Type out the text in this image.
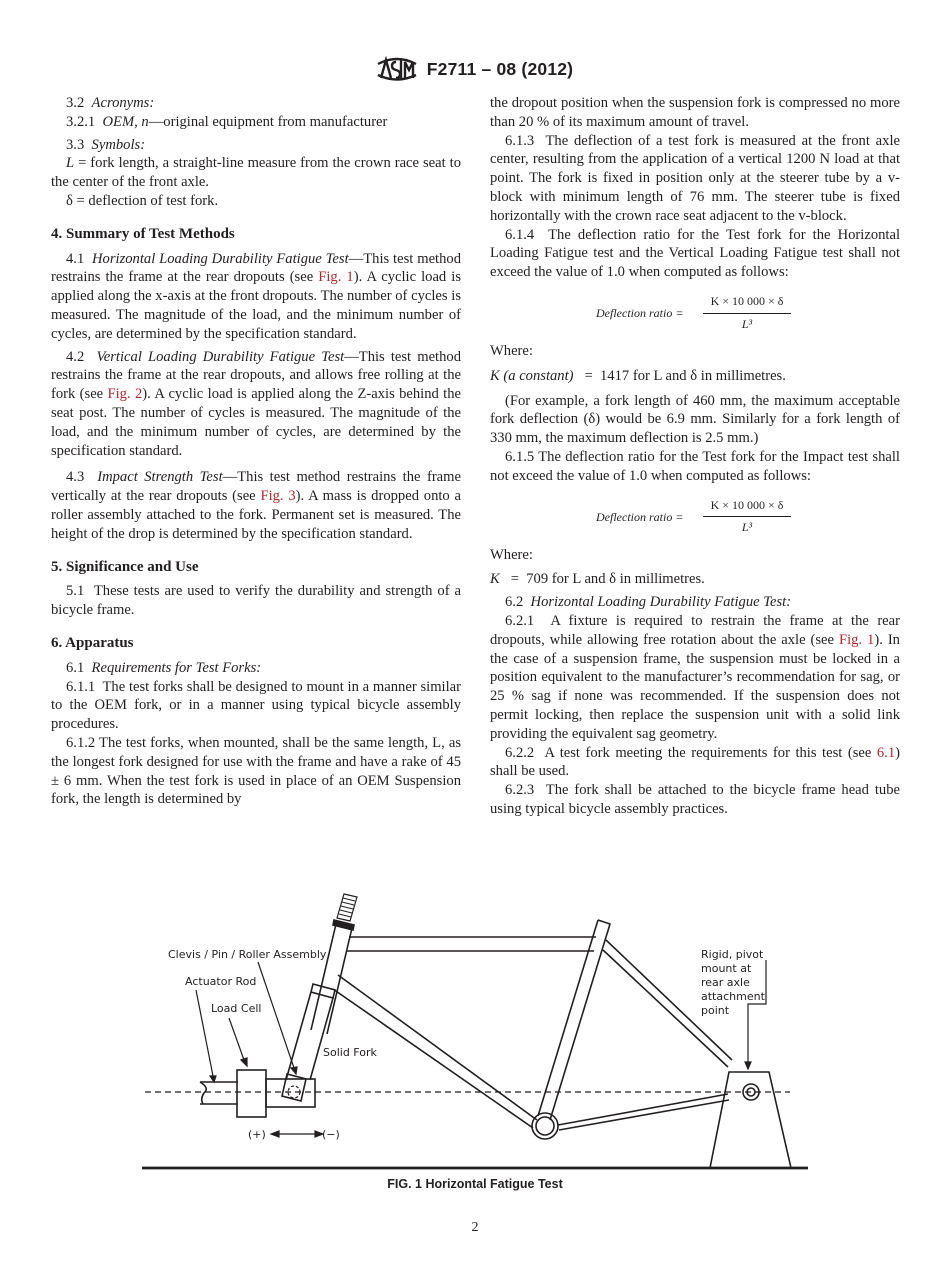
F2711 – 08 (2012)

3.2 Acronyms:

3.2.1 OEM, n—original equipment from manufacturer

3.3 Symbols:

L = fork length, a straight-line measure from the crown race seat to the center of the front axle.

δ = deflection of test fork.

4. Summary of Test Methods

4.1 Horizontal Loading Durability Fatigue Test—This test method restrains the frame at the rear dropouts (see Fig. 1). A cyclic load is applied along the x-axis at the front dropouts. The number of cycles is measured. The magnitude of the load, and the minimum number of cycles, are determined by the specification standard.

4.2 Vertical Loading Durability Fatigue Test—This test method restrains the frame at the rear dropouts, and allows free rolling at the fork (see Fig. 2). A cyclic load is applied along the Z-axis behind the seat post. The number of cycles is measured. The magnitude of the load, and the minimum number of cycles, are determined by the specification standard.

4.3 Impact Strength Test—This test method restrains the frame vertically at the rear dropouts (see Fig. 3). A mass is dropped onto a roller assembly attached to the fork. Permanent set is measured. The height of the drop is determined by the specification standard.

5. Significance and Use

5.1 These tests are used to verify the durability and strength of a bicycle frame.

6. Apparatus

6.1 Requirements for Test Forks:

6.1.1 The test forks shall be designed to mount in a manner similar to the OEM fork, or in a manner using typical bicycle assembly procedures.

6.1.2 The test forks, when mounted, shall be the same length, L, as the longest fork designed for use with the frame and have a rake of 45 ± 6 mm. When the test fork is used in place of an OEM Suspension fork, the length is determined by

the dropout position when the suspension fork is compressed no more than 20 % of its maximum amount of travel.

6.1.3 The deflection of a test fork is measured at the front axle center, resulting from the application of a vertical 1200 N load at that point. The fork is fixed in position only at the steerer tube by a v-block with minimum length of 76 mm. The steerer tube is fixed horizontally with the crown race seat adjacent to the v-block.

6.1.4 The deflection ratio for the Test fork for the Horizontal Loading Fatigue test and the Vertical Loading Fatigue test shall not exceed the value of 1.0 when computed as follows:

Deflection ratio = $\frac{K \times 10 000 \times \delta}{\text{L³}}$

Where:

K (a constant) = 1417 for L and δ in millimetres.

(For example, a fork length of 460 mm, the maximum acceptable fork deflection (δ) would be 6.9 mm. Similarly for a fork length of 330 mm, the maximum deflection is 2.5 mm.)

6.1.5 The deflection ratio for the Test fork for the Impact test shall not exceed the value of 1.0 when computed as follows:

Deflection ratio = $\frac{K \times 10 000 \times \delta}{\text{L³}}$

Where:

K = 709 for L and δ in millimetres.

6.2 Horizontal Loading Durability Fatigue Test:

6.2.1 A fixture is required to restrain the frame at the rear dropouts, while allowing free rotation about the axle (see Fig. 1). In the case of a suspension frame, the suspension must be locked in a position equivalent to the manufacturer’s recommendation for sag, or 25 % sag if none was recommended. If the suspension does not permit locking, then replace the suspension unit with a solid link providing the equivalent sag geometry.

6.2.2 A test fork meeting the requirements for this test (see 6.1) shall be used.

6.2.3 The fork shall be attached to the bicycle frame head tube using typical bicycle assembly practices.

Clevis / Pin / Roller Assembly
Actuator Rod
Load Cell
Solid Fork
(+)	(−)
Rigid, pivot
mount at
rear axle
attachment
point
FIG. 1 Horizontal Fatigue Test
2
